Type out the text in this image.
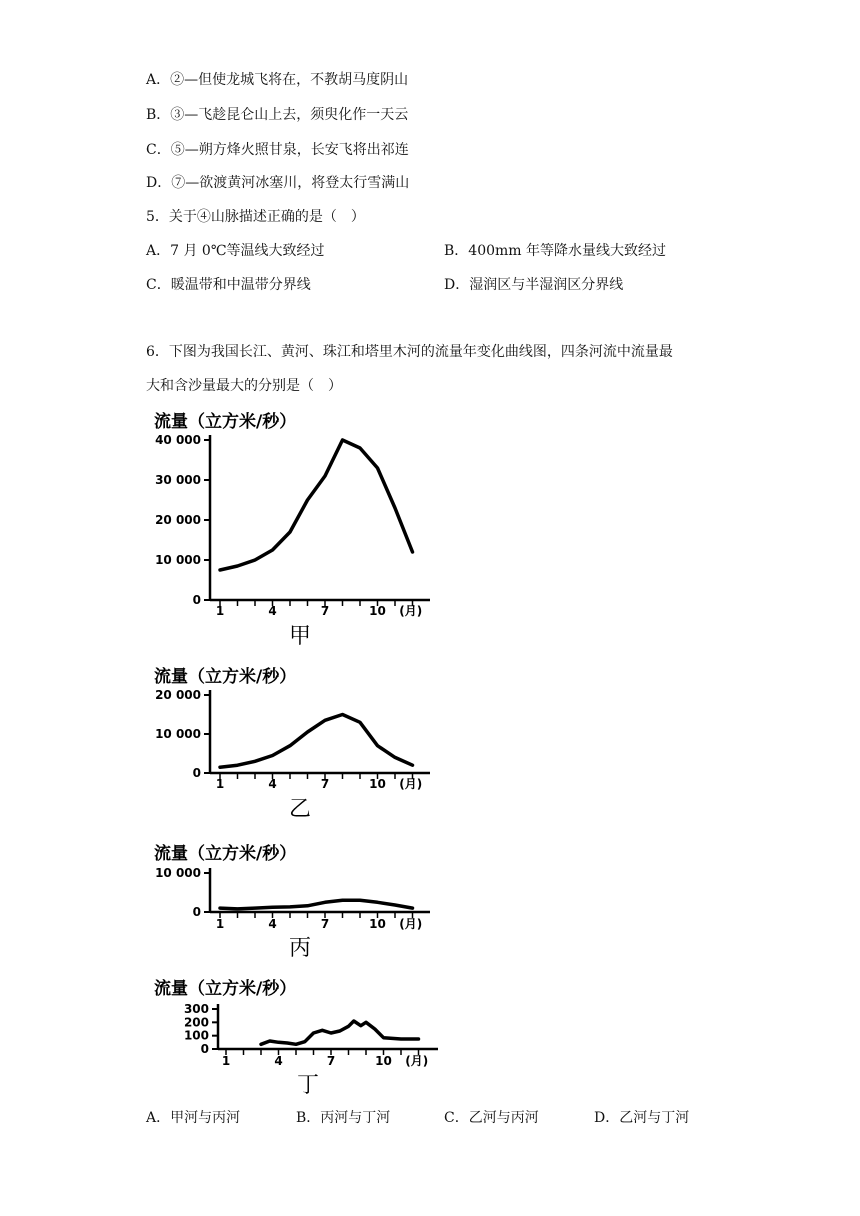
A．②—但使龙城飞将在，不教胡马度阴山
B．③—飞趁昆仑山上去，须臾化作一天云
C．⑤—朔方烽火照甘泉，长安飞将出祁连
D．⑦—欲渡黄河冰塞川，将登太行雪满山
5．关于④山脉描述正确的是（　）
A．7 月 0℃等温线大致经过	B．400mm 年等降水量线大致经过
C．暖温带和中温带分界线	D．湿润区与半湿润区分界线
6．下图为我国长江、黄河、珠江和塔里木河的流量年变化曲线图，四条河流中流量最
大和含沙量最大的分别是（　）
流量（立方米/秒）
40 000
30 000
20 000
10 000
0
1	4	7	10 (月)
甲
流量（立方米/秒）
20 000
10 000
0
1	4	7	10 (月)
乙
流量（立方米/秒）
10 000
0
1	4	7	10 (月)
丙
流量（立方米/秒）
300
200
100
0
1	4	7	10 (月)
丁
A．甲河与丙河	B．丙河与丁河	C．乙河与丙河	D．乙河与丁河
